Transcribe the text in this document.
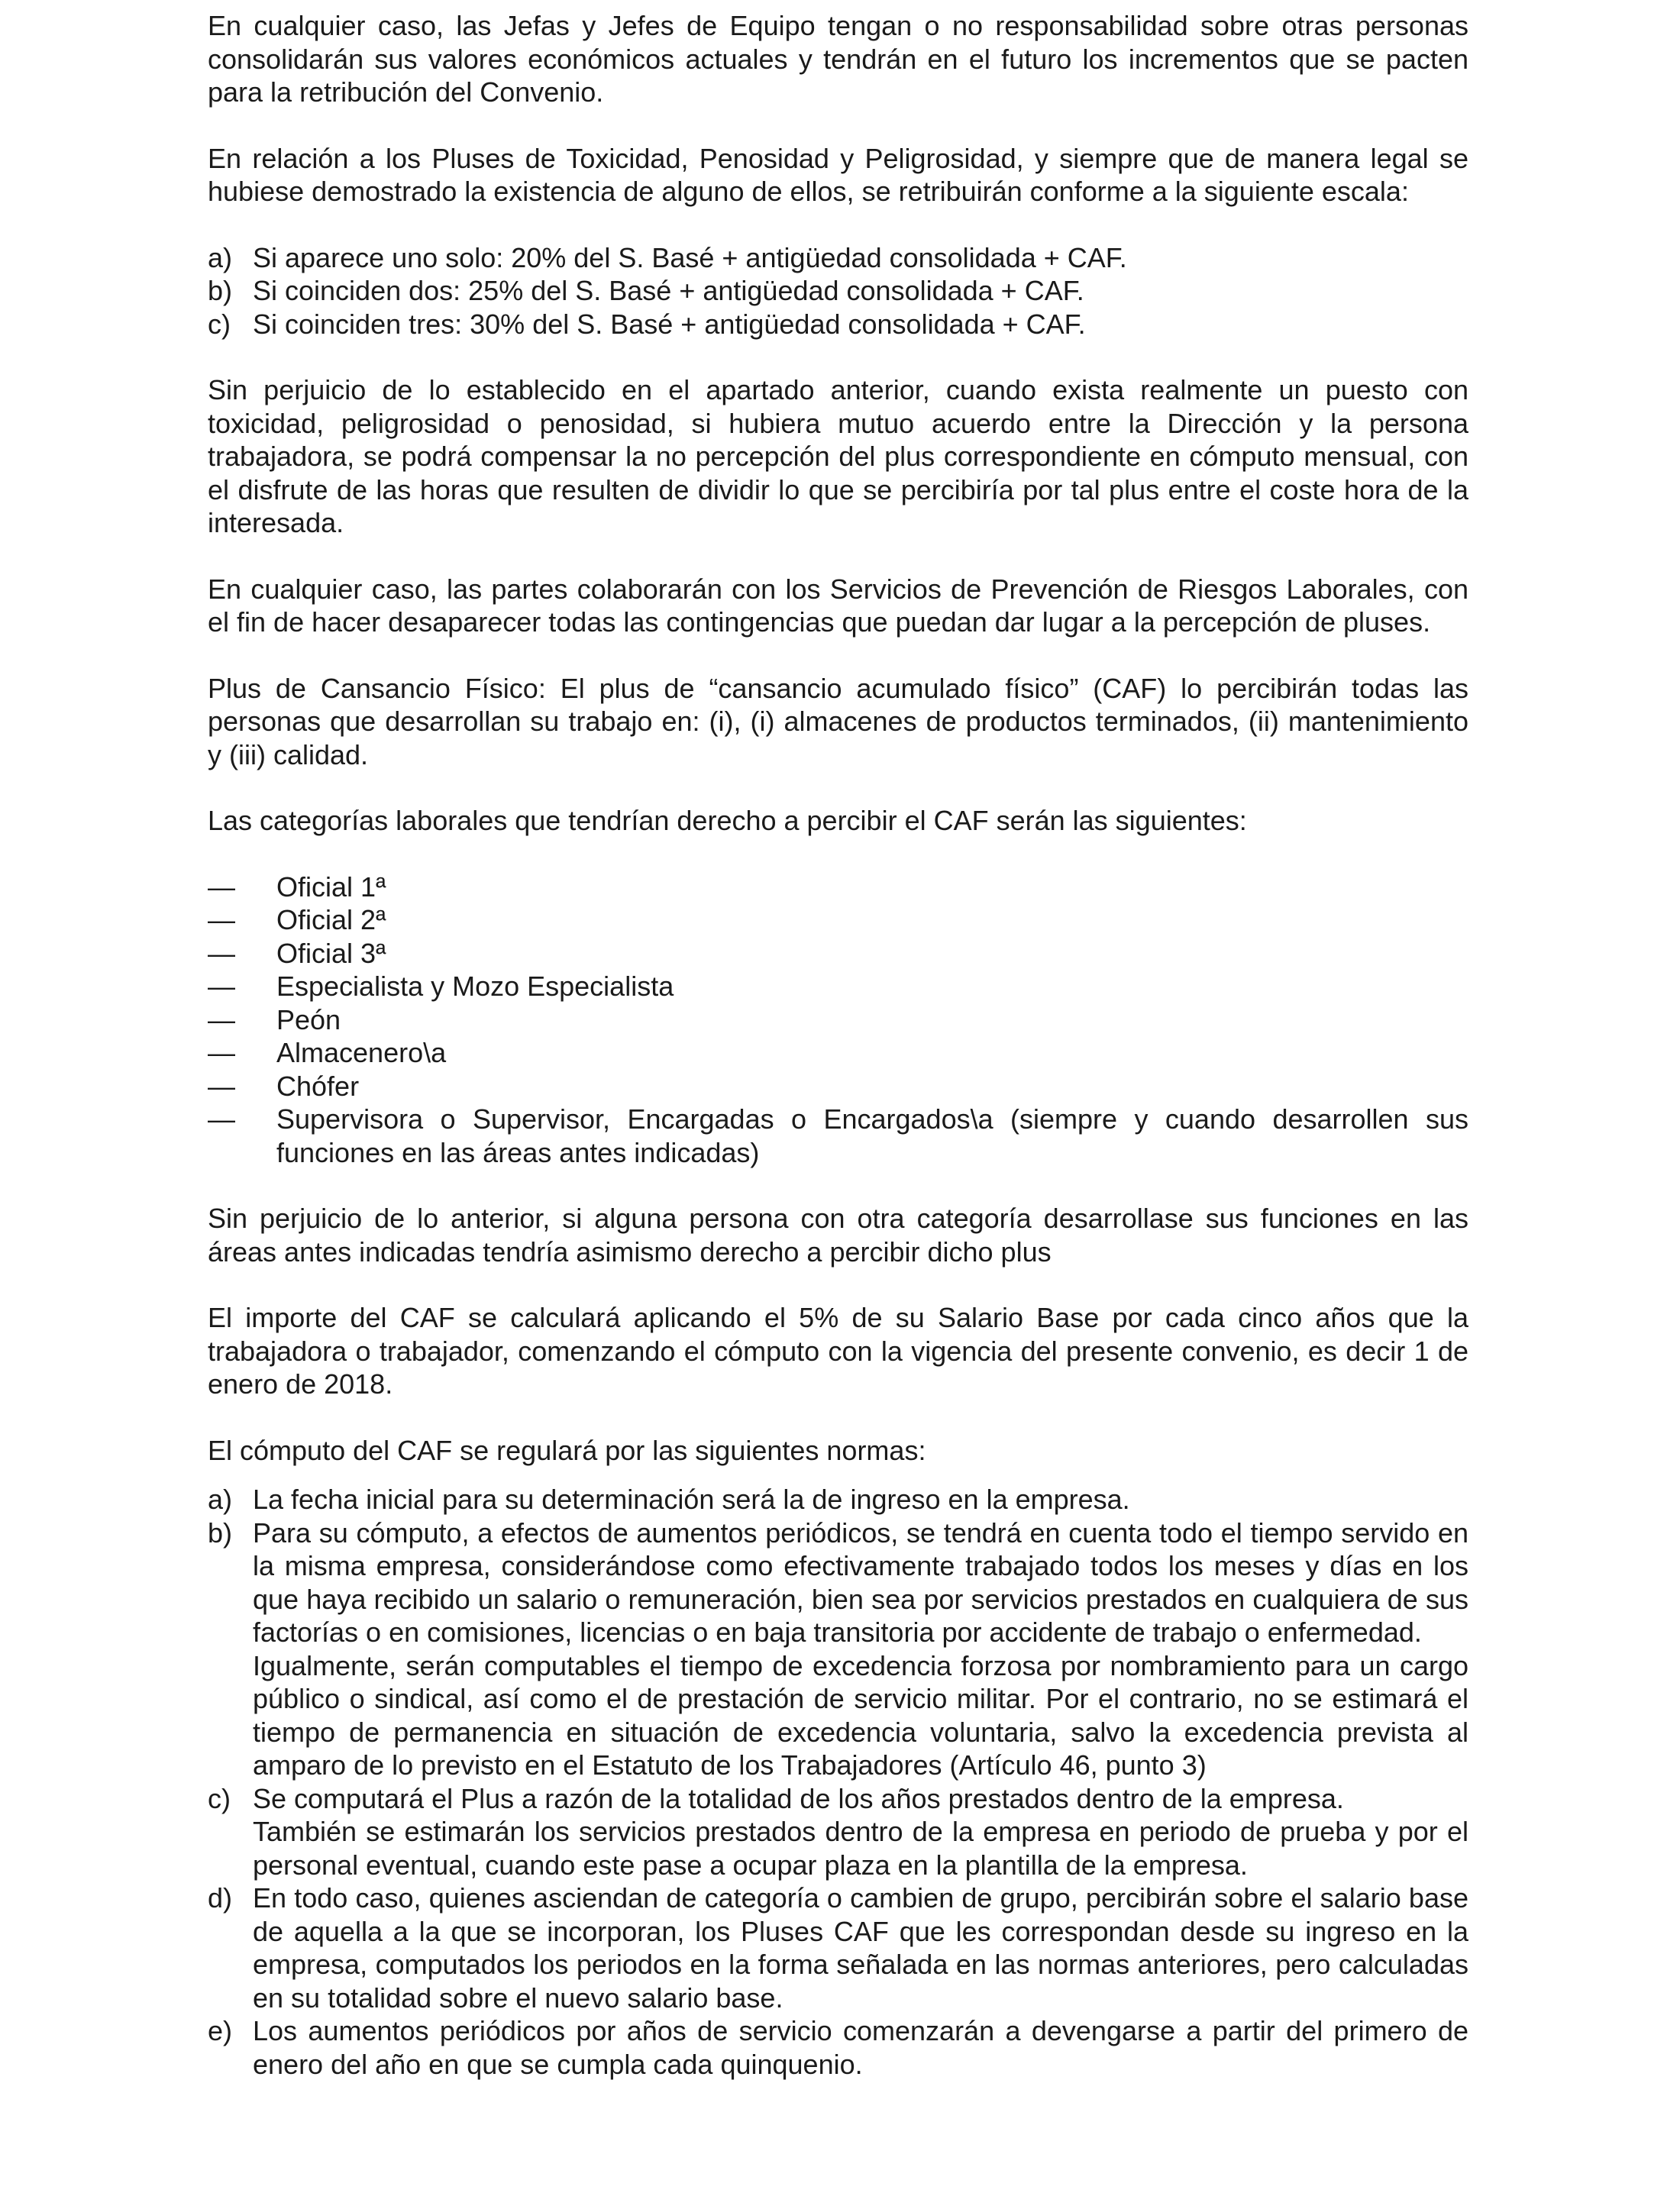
En cualquier caso, las Jefas y Jefes de Equipo tengan o no responsabilidad sobre otras personas consolidarán sus valores económicos actuales y tendrán en el futuro los incrementos que se pacten para la retribución del Convenio.

En relación a los Pluses de Toxicidad, Penosidad y Peligrosidad, y siempre que de manera legal se hubiese demostrado la existencia de alguno de ellos, se retribuirán conforme a la siguiente escala:

a) Si aparece uno solo: 20% del S. Basé + antigüedad consolidada + CAF.
b) Si coinciden dos: 25% del S. Basé + antigüedad consolidada + CAF.
c) Si coinciden tres: 30% del S. Basé + antigüedad consolidada + CAF.

Sin perjuicio de lo establecido en el apartado anterior, cuando exista realmente un puesto con toxicidad, peligrosidad o penosidad, si hubiera mutuo acuerdo entre la Dirección y la persona trabajadora, se podrá compensar la no percepción del plus correspondiente en cómputo mensual, con el disfrute de las horas que resulten de dividir lo que se percibiría por tal plus entre el coste hora de la interesada.

En cualquier caso, las partes colaborarán con los Servicios de Prevención de Riesgos Laborales, con el fin de hacer desaparecer todas las contingencias que puedan dar lugar a la percepción de pluses.

Plus de Cansancio Físico: El plus de “cansancio acumulado físico” (CAF) lo percibirán todas las personas que desarrollan su trabajo en: (i), (i) almacenes de productos terminados, (ii) mantenimiento y (iii) calidad.

Las categorías laborales que tendrían derecho a percibir el CAF serán las siguientes:

—	Oficial 1ª
—	Oficial 2ª
—	Oficial 3ª
—	Especialista y Mozo Especialista
—	Peón
—	Almacenero\a
—	Chófer
—	Supervisora o Supervisor, Encargadas o Encargados\a (siempre y cuando desarrollen sus funciones en las áreas antes indicadas)

Sin perjuicio de lo anterior, si alguna persona con otra categoría desarrollase sus funciones en las áreas antes indicadas tendría asimismo derecho a percibir dicho plus

El importe del CAF se calculará aplicando el 5% de su Salario Base por cada cinco años que la trabajadora o trabajador, comenzando el cómputo con la vigencia del presente convenio, es decir 1 de enero de 2018.

El cómputo del CAF se regulará por las siguientes normas:

a) La fecha inicial para su determinación será la de ingreso en la empresa.
b) Para su cómputo, a efectos de aumentos periódicos, se tendrá en cuenta todo el tiempo servido en la misma empresa, considerándose como efectivamente trabajado todos los meses y días en los que haya recibido un salario o remuneración, bien sea por servicios prestados en cualquiera de sus factorías o en comisiones, licencias o en baja transitoria por accidente de trabajo o enfermedad.
Igualmente, serán computables el tiempo de excedencia forzosa por nombramiento para un cargo público o sindical, así como el de prestación de servicio militar. Por el contrario, no se estimará el tiempo de permanencia en situación de excedencia voluntaria, salvo la excedencia prevista al amparo de lo previsto en el Estatuto de los Trabajadores (Artículo 46, punto 3)
c) Se computará el Plus a razón de la totalidad de los años prestados dentro de la empresa.
También se estimarán los servicios prestados dentro de la empresa en periodo de prueba y por el personal eventual, cuando este pase a ocupar plaza en la plantilla de la empresa.
d) En todo caso, quienes asciendan de categoría o cambien de grupo, percibirán sobre el salario base de aquella a la que se incorporan, los Pluses CAF que les correspondan desde su ingreso en la empresa, computados los periodos en la forma señalada en las normas anteriores, pero calculadas en su totalidad sobre el nuevo salario base.
e) Los aumentos periódicos por años de servicio comenzarán a devengarse a partir del primero de enero del año en que se cumpla cada quinquenio.
